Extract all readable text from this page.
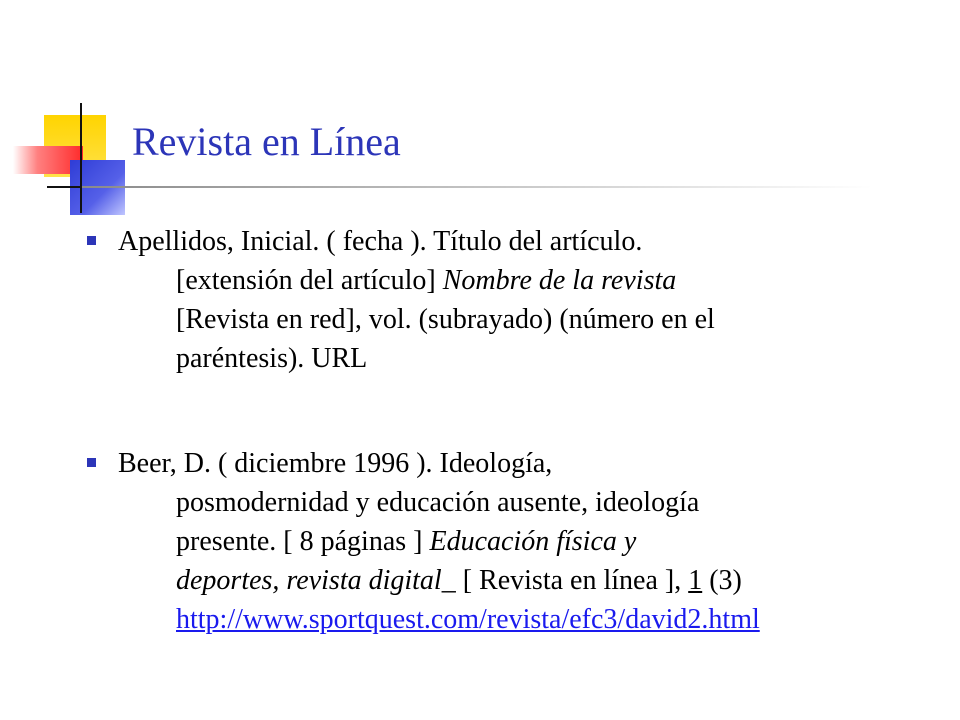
Revista en Línea
Apellidos, Inicial. ( fecha ). Título del artículo.
[extensión del artículo] Nombre de la revista
[Revista en red], vol. (subrayado) (número en el
paréntesis). URL
Beer, D. ( diciembre 1996 ). Ideología,
posmodernidad y educación ausente, ideología
presente. [ 8 páginas ] Educación física y
deportes, revista digital_ [ Revista en línea ], 1 (3)
http://www.sportquest.com/revista/efc3/david2.html
